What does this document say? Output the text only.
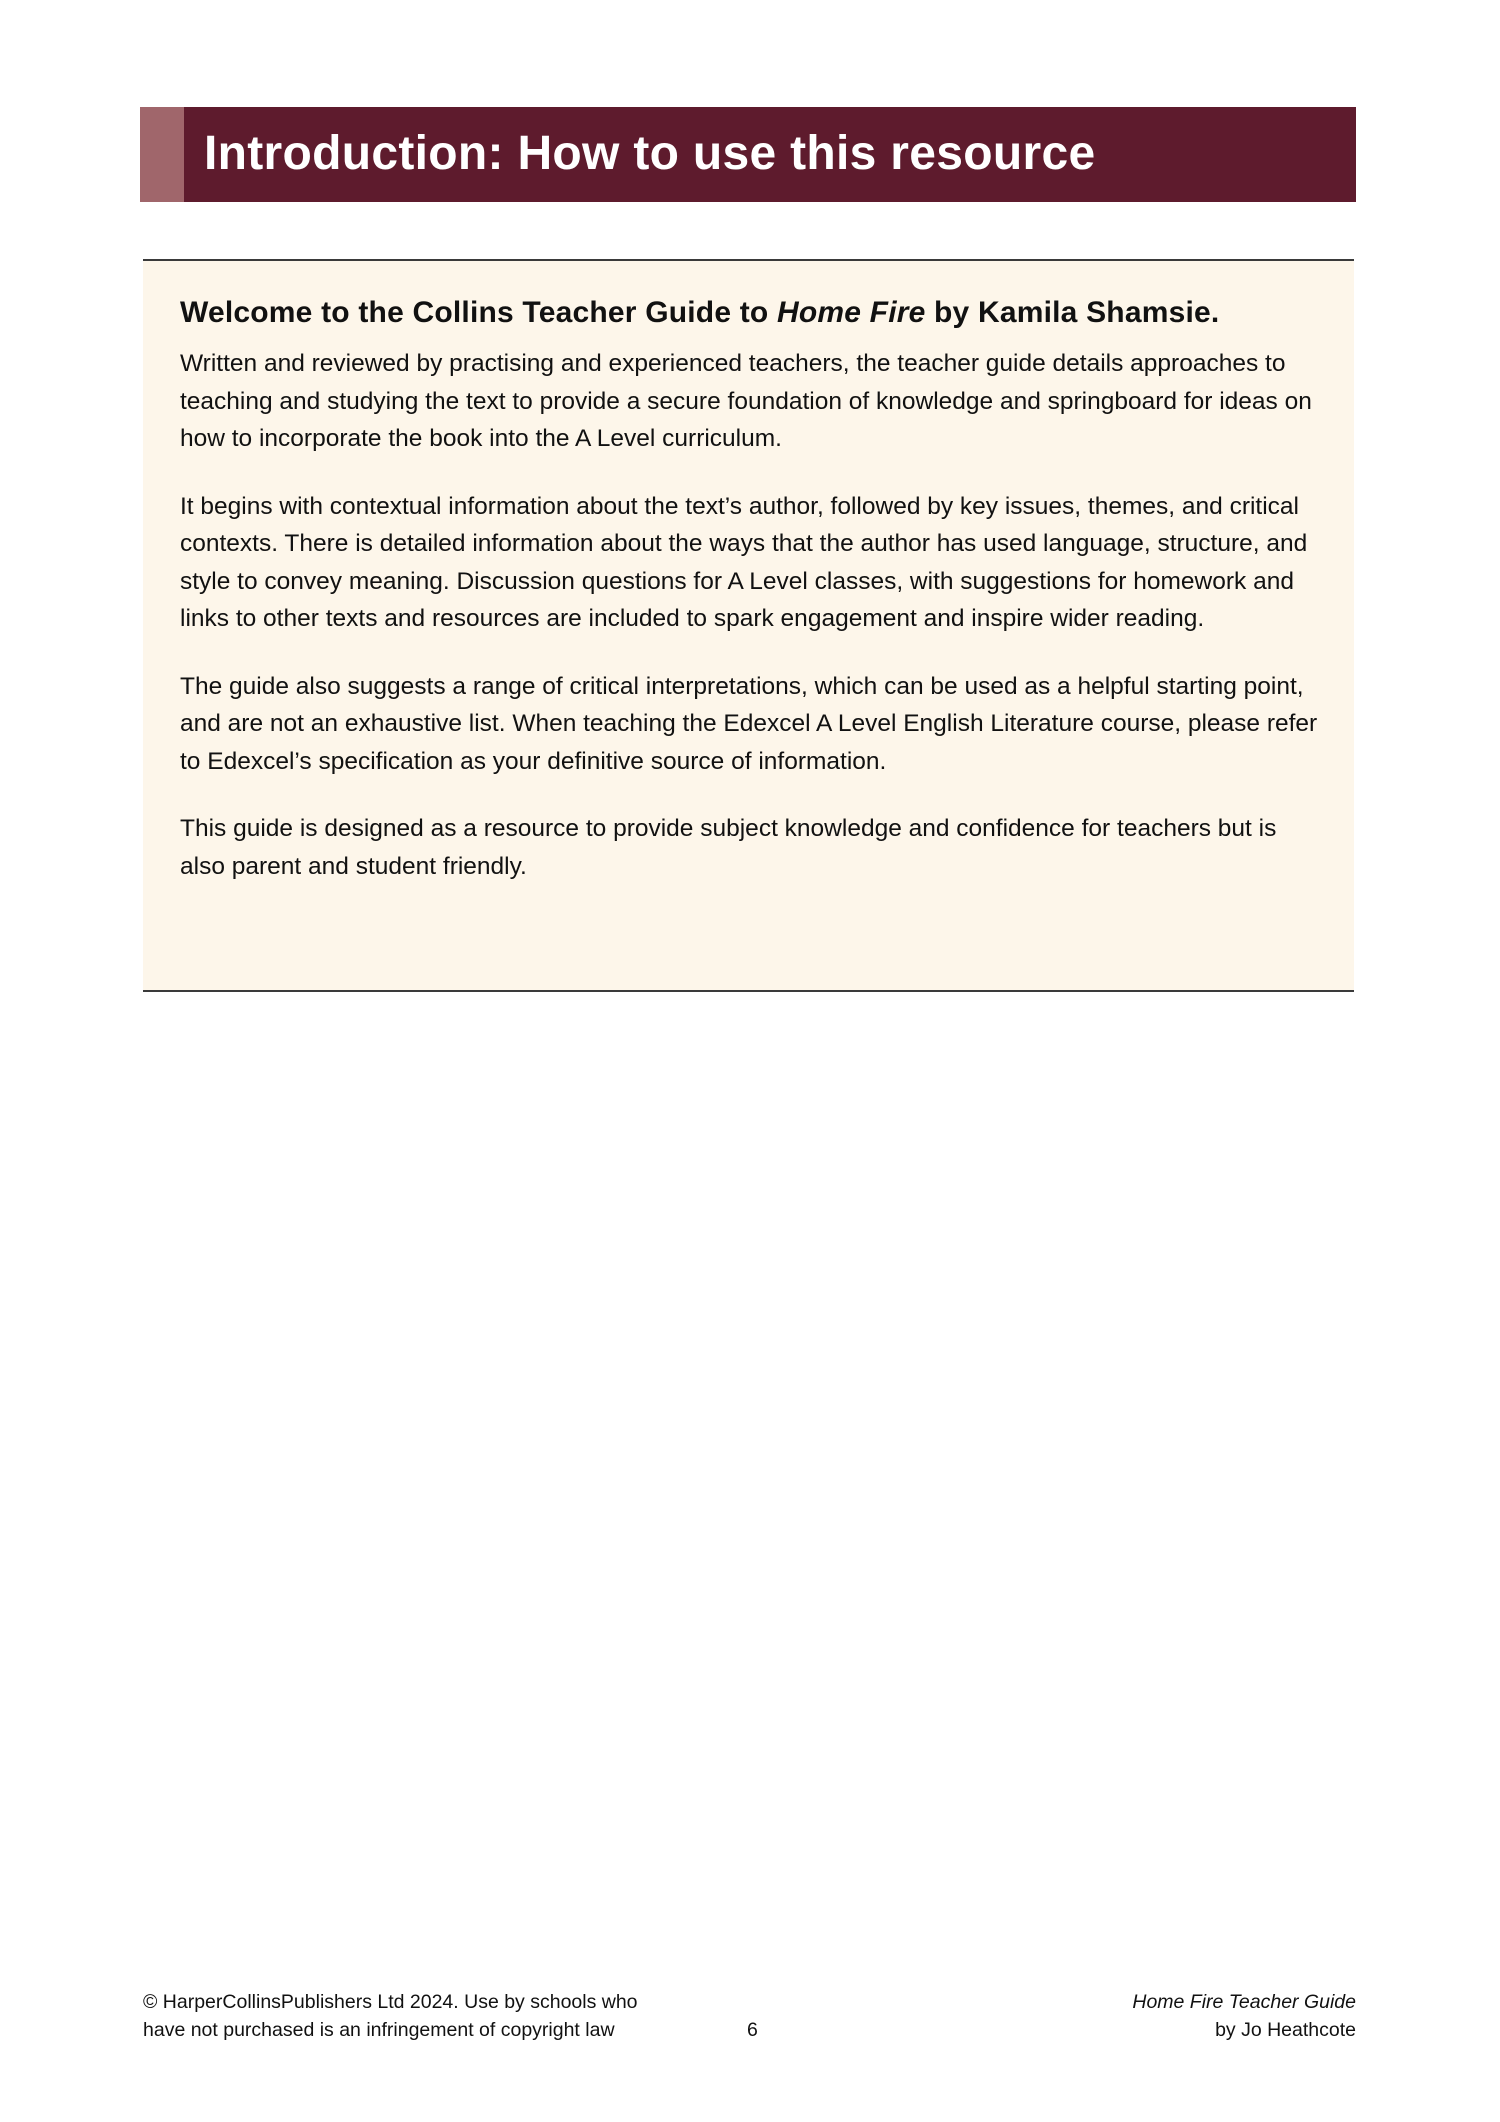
Introduction: How to use this resource
Welcome to the Collins Teacher Guide to Home Fire by Kamila Shamsie.

Written and reviewed by practising and experienced teachers, the teacher guide details approaches to teaching and studying the text to provide a secure foundation of knowledge and springboard for ideas on how to incorporate the book into the A Level curriculum.

It begins with contextual information about the text’s author, followed by key issues, themes, and critical contexts. There is detailed information about the ways that the author has used language, structure, and style to convey meaning. Discussion questions for A Level classes, with suggestions for homework and links to other texts and resources are included to spark engagement and inspire wider reading.

The guide also suggests a range of critical interpretations, which can be used as a helpful starting point, and are not an exhaustive list. When teaching the Edexcel A Level English Literature course, please refer to Edexcel’s specification as your definitive source of information.

This guide is designed as a resource to provide subject knowledge and confidence for teachers but is also parent and student friendly.

© HarperCollinsPublishers Ltd 2024. Use by schools who
have not purchased is an infringement of copyright law	6
Home Fire Teacher Guide
by Jo Heathcote
